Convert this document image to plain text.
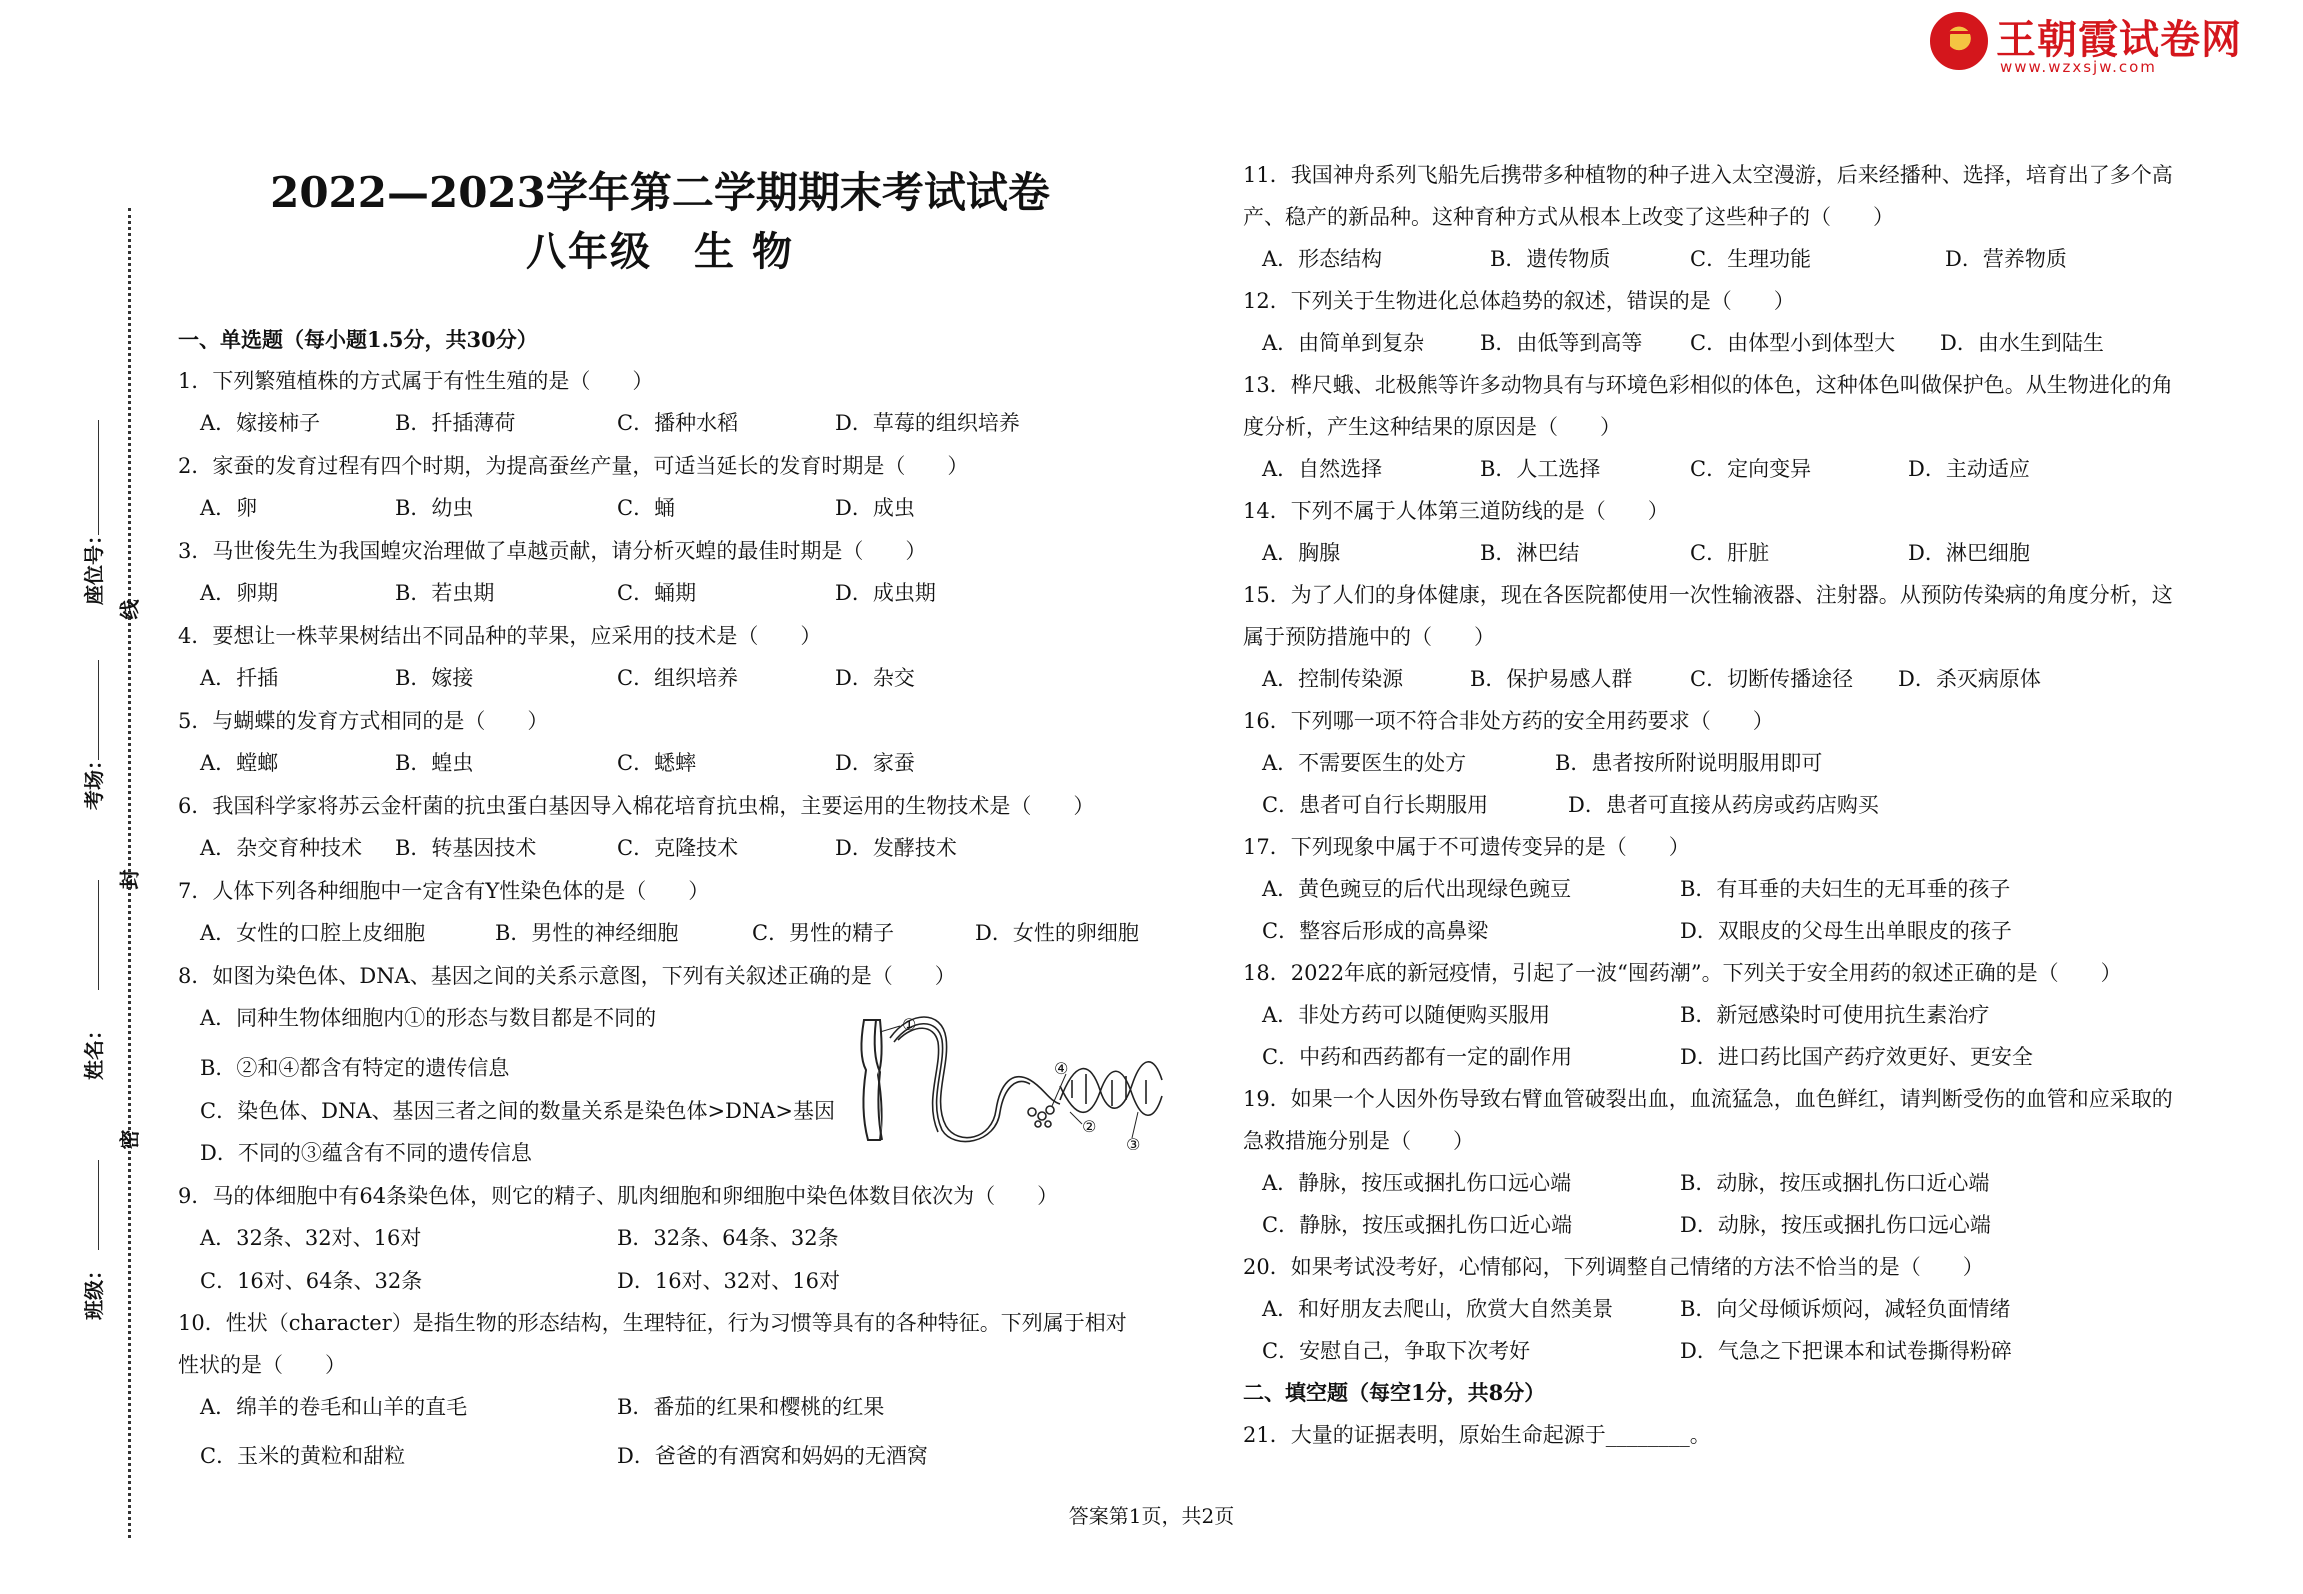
王朝霞试卷网
www.wzxsjw.com
座位号：
考场：
姓名：
班级：
线
封
密
2022—2023学年第二学期期末考试试卷
八年级　生 物
一、单选题（每小题1.5分，共30分）
1．下列繁殖植株的方式属于有性生殖的是（　　）
A．嫁接柿子	B．扦插薄荷	C．播种水稻	D．草莓的组织培养
2．家蚕的发育过程有四个时期，为提高蚕丝产量，可适当延长的发育时期是（　　）
A．卵	B．幼虫	C．蛹	D．成虫
3．马世俊先生为我国蝗灾治理做了卓越贡献，请分析灭蝗的最佳时期是（　　）
A．卵期	B．若虫期	C．蛹期	D．成虫期
4．要想让一株苹果树结出不同品种的苹果，应采用的技术是（　　）
A．扦插	B．嫁接	C．组织培养	D．杂交
5．与蝴蝶的发育方式相同的是（　　）
A．螳螂	B．蝗虫	C．蟋蟀	D．家蚕
6．我国科学家将苏云金杆菌的抗虫蛋白基因导入棉花培育抗虫棉，主要运用的生物技术是（　　）
A．杂交育种技术 B．转基因技术	C．克隆技术	D．发酵技术
7．人体下列各种细胞中一定含有Y性染色体的是（　　）
A．女性的口腔上皮细胞	B．男性的神经细胞	C．男性的精子	D．女性的卵细胞
8．如图为染色体、DNA、基因之间的关系示意图，下列有关叙述正确的是（　　）
A．同种生物体细胞内①的形态与数目都是不同的
B．②和④都含有特定的遗传信息
C．染色体、DNA、基因三者之间的数量关系是染色体>DNA>基因
D．不同的③蕴含有不同的遗传信息
①
②
③
④
9．马的体细胞中有64条染色体，则它的精子、肌肉细胞和卵细胞中染色体数目依次为（　　）
A．32条、32对、16对	B．32条、64条、32条
C．16对、64条、32条	D．16对、32对、16对
10．性状（character）是指生物的形态结构，生理特征，行为习惯等具有的各种特征。下列属于相对
性状的是（　　）
A．绵羊的卷毛和山羊的直毛	B．番茄的红果和樱桃的红果
C．玉米的黄粒和甜粒	D．爸爸的有酒窝和妈妈的无酒窝
11．我国神舟系列飞船先后携带多种植物的种子进入太空漫游，后来经播种、选择，培育出了多个高
产、稳产的新品种。这种育种方式从根本上改变了这些种子的（　　）
A．形态结构	B．遗传物质	C．生理功能	D．营养物质
12．下列关于生物进化总体趋势的叙述，错误的是（　　）
A．由简单到复杂	B．由低等到高等 C．由体型小到体型大 D．由水生到陆生
13．桦尺蛾、北极熊等许多动物具有与环境色彩相似的体色，这种体色叫做保护色。从生物进化的角
度分析，产生这种结果的原因是（　　）
A．自然选择	B．人工选择	C．定向变异	D．主动适应
14．下列不属于人体第三道防线的是（　　）
A．胸腺	B．淋巴结	C．肝脏	D．淋巴细胞
15．为了人们的身体健康，现在各医院都使用一次性输液器、注射器。从预防传染病的角度分析，这
属于预防措施中的（　　）
A．控制传染源	B．保护易感人群	C．切断传播途径 D．杀灭病原体
16．下列哪一项不符合非处方药的安全用药要求（　　）
A．不需要医生的处方	B．患者按所附说明服用即可
C．患者可自行长期服用	D．患者可直接从药房或药店购买
17．下列现象中属于不可遗传变异的是（　　）
A．黄色豌豆的后代出现绿色豌豆	B．有耳垂的夫妇生的无耳垂的孩子
C．整容后形成的高鼻梁	D．双眼皮的父母生出单眼皮的孩子
18．2022年底的新冠疫情，引起了一波“囤药潮”。下列关于安全用药的叙述正确的是（　　）
A．非处方药可以随便购买服用	B．新冠感染时可使用抗生素治疗
C．中药和西药都有一定的副作用	D．进口药比国产药疗效更好、更安全
19．如果一个人因外伤导致右臂血管破裂出血，血流猛急，血色鲜红，请判断受伤的血管和应采取的
急救措施分别是（　　）
A．静脉，按压或捆扎伤口远心端	B．动脉，按压或捆扎伤口近心端
C．静脉，按压或捆扎伤口近心端	D．动脉，按压或捆扎伤口远心端
20．如果考试没考好，心情郁闷，下列调整自己情绪的方法不恰当的是（　　）
A．和好朋友去爬山，欣赏大自然美景	B．向父母倾诉烦闷，减轻负面情绪
C．安慰自己，争取下次考好	D．气急之下把课本和试卷撕得粉碎
二、填空题（每空1分，共8分）
21．大量的证据表明，原始生命起源于________。
答案第1页，共2页
